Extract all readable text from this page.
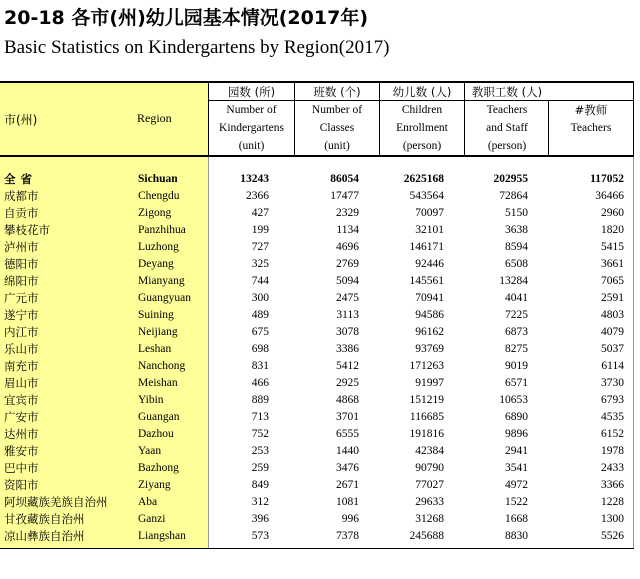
20-18 各市(州)幼儿园基本情况(2017年)
Basic Statistics on Kindergartens by Region(2017)
市(州)	Region
园数 (所)
Number of
Kindergartens
(unit)
班数 (个)
Number of
Classes
(unit)
幼儿数 (人)
Children
Enrollment
(person)
教职工数 (人)
Teachers
and Staff
(person)
#教师
Teachers
全省	Sichuan	13243	86054	2625168	202955	117052
成都市	Chengdu	2366	17477	543564	72864	36466
自贡市	Zigong	427	2329	70097	5150	2960
攀枝花市	Panzhihua	199	1134	32101	3638	1820
泸州市	Luzhong	727	4696	146171	8594	5415
德阳市	Deyang	325	2769	92446	6508	3661
绵阳市	Mianyang	744	5094	145561	13284	7065
广元市	Guangyuan	300	2475	70941	4041	2591
遂宁市	Suining	489	3113	94586	7225	4803
内江市	Neijiang	675	3078	96162	6873	4079
乐山市	Leshan	698	3386	93769	8275	5037
南充市	Nanchong	831	5412	171263	9019	6114
眉山市	Meishan	466	2925	91997	6571	3730
宜宾市	Yibin	889	4868	151219	10653	6793
广安市	Guangan	713	3701	116685	6890	4535
达州市	Dazhou	752	6555	191816	9896	6152
雅安市	Yaan	253	1440	42384	2941	1978
巴中市	Bazhong	259	3476	90790	3541	2433
资阳市	Ziyang	849	2671	77027	4972	3366
阿坝藏族羌族自治州	Aba	312	1081	29633	1522	1228
甘孜藏族自治州	Ganzi	396	996	31268	1668	1300
凉山彝族自治州	Liangshan	573	7378	245688	8830	5526
